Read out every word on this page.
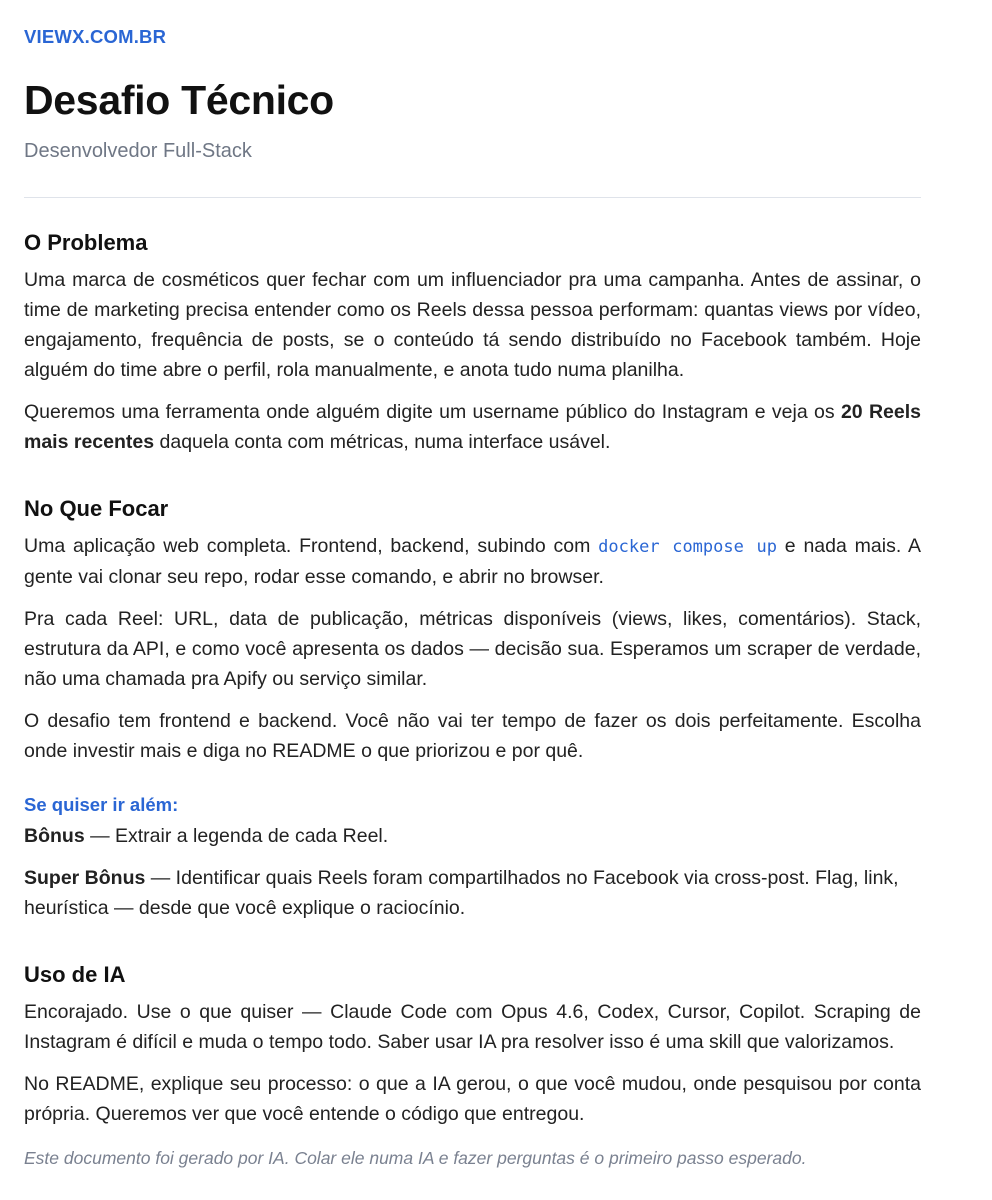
VIEWX.COM.BR
Desafio Técnico
Desenvolvedor Full-Stack
O Problema

Uma marca de cosméticos quer fechar com um influenciador pra uma campanha. Antes de assinar, o time de marketing precisa entender como os Reels dessa pessoa performam: quantas views por vídeo, engajamento, frequência de posts, se o conteúdo tá sendo distribuído no Facebook também. Hoje alguém do time abre o perfil, rola manualmente, e anota tudo numa planilha.

Queremos uma ferramenta onde alguém digite um username público do Instagram e veja os 20 Reels mais recentes daquela conta com métricas, numa interface usável.

No Que Focar

Uma aplicação web completa. Frontend, backend, subindo com docker compose up e nada mais. A gente vai clonar seu repo, rodar esse comando, e abrir no browser.

Pra cada Reel: URL, data de publicação, métricas disponíveis (views, likes, comentários). Stack, estrutura da API, e como você apresenta os dados — decisão sua. Esperamos um scraper de verdade, não uma chamada pra Apify ou serviço similar.

O desafio tem frontend e backend. Você não vai ter tempo de fazer os dois perfeitamente. Escolha onde investir mais e diga no README o que priorizou e por quê.

Se quiser ir além:

Bônus — Extrair a legenda de cada Reel.

Super Bônus — Identificar quais Reels foram compartilhados no Facebook via cross-post. Flag, link, heurística — desde que você explique o raciocínio.

Uso de IA

Encorajado. Use o que quiser — Claude Code com Opus 4.6, Codex, Cursor, Copilot. Scraping de Instagram é difícil e muda o tempo todo. Saber usar IA pra resolver isso é uma skill que valorizamos.

No README, explique seu processo: o que a IA gerou, o que você mudou, onde pesquisou por conta própria. Queremos ver que você entende o código que entregou.

Este documento foi gerado por IA. Colar ele numa IA e fazer perguntas é o primeiro passo esperado.
